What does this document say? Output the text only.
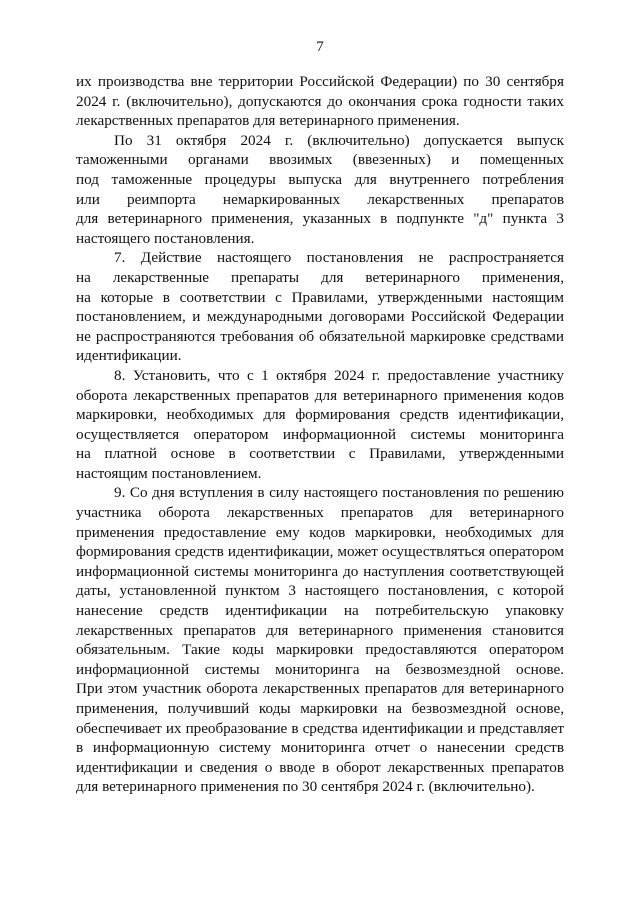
7
их производства вне территории Российской Федерации) по 30 сентября
2024 г. (включительно), допускаются до окончания срока годности таких
лекарственных препаратов для ветеринарного применения.
По 31 октября 2024 г. (включительно) допускается выпуск
таможенными органами ввозимых (ввезенных) и помещенных
под таможенные процедуры выпуска для внутреннего потребления
или реимпорта немаркированных лекарственных препаратов
для ветеринарного применения, указанных в подпункте "д" пункта 3
настоящего постановления.
7. Действие настоящего постановления не распространяется
на лекарственные препараты для ветеринарного применения,
на которые в соответствии с Правилами, утвержденными настоящим
постановлением, и международными договорами Российской Федерации
не распространяются требования об обязательной маркировке средствами
идентификации.
8. Установить, что с 1 октября 2024 г. предоставление участнику
оборота лекарственных препаратов для ветеринарного применения кодов
маркировки, необходимых для формирования средств идентификации,
осуществляется оператором информационной системы мониторинга
на платной основе в соответствии с Правилами, утвержденными
настоящим постановлением.
9. Со дня вступления в силу настоящего постановления по решению
участника оборота лекарственных препаратов для ветеринарного
применения предоставление ему кодов маркировки, необходимых для
формирования средств идентификации, может осуществляться оператором
информационной системы мониторинга до наступления соответствующей
даты, установленной пунктом 3 настоящего постановления, с которой
нанесение средств идентификации на потребительскую упаковку
лекарственных препаратов для ветеринарного применения становится
обязательным. Такие коды маркировки предоставляются оператором
информационной системы мониторинга на безвозмездной основе.
При этом участник оборота лекарственных препаратов для ветеринарного
применения, получивший коды маркировки на безвозмездной основе,
обеспечивает их преобразование в средства идентификации и представляет
в информационную систему мониторинга отчет о нанесении средств
идентификации и сведения о вводе в оборот лекарственных препаратов
для ветеринарного применения по 30 сентября 2024 г. (включительно).
